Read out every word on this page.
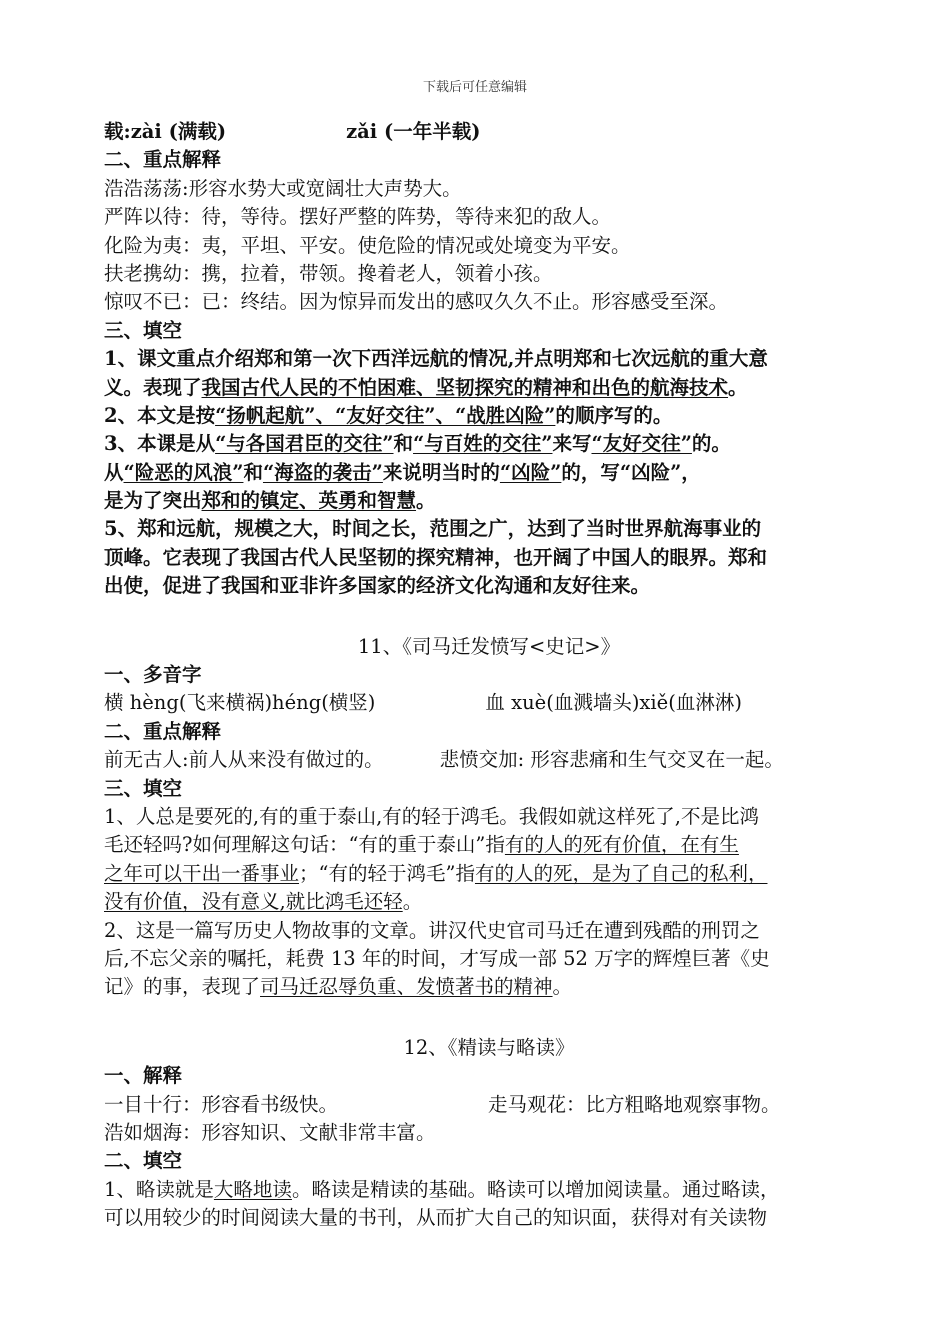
下载后可任意编辑
载:zài (满载)	zǎi (一年半载)
二、重点解释
浩浩荡荡:形容水势大或宽阔壮大声势大。
严阵以待：待，等待。摆好严整的阵势，等待来犯的敌人。
化险为夷：夷，平坦、平安。使危险的情况或处境变为平安。
扶老携幼：携，拉着，带领。搀着老人，领着小孩。
惊叹不已：已：终结。因为惊异而发出的感叹久久不止。形容感受至深。
三、填空
1、课文重点介绍郑和第一次下西洋远航的情况,并点明郑和七次远航的重大意
义。表现了我国古代人民的不怕困难、坚韧探究的精神和出色的航海技术。
2、本文是按“扬帆起航”、“友好交往”、“战胜凶险”的顺序写的。
3、本课是从“与各国君臣的交往”和“与百姓的交往”来写“友好交往”的。
从“险恶的风浪”和“海盗的袭击”来说明当时的“凶险”的，写“凶险”，
是为了突出郑和的镇定、英勇和智慧。
5、郑和远航，规模之大，时间之长，范围之广，达到了当时世界航海事业的
顶峰。它表现了我国古代人民坚韧的探究精神，也开阔了中国人的眼界。郑和
出使，促进了我国和亚非许多国家的经济文化沟通和友好往来。
11、《司马迁发愤写<史记>》
一、多音字
横 hèng(飞来横祸)héng(横竖)	血 xuè(血溅墙头)xiě(血淋淋)
二、重点解释
前无古人:前人从来没有做过的。	悲愤交加: 形容悲痛和生气交叉在一起。
三、填空
1、人总是要死的,有的重于泰山,有的轻于鸿毛。我假如就这样死了,不是比鸿
毛还轻吗?如何理解这句话：“有的重于泰山”指有的人的死有价值，在有生
之年可以干出一番事业；“有的轻于鸿毛”指有的人的死，是为了自己的私利，
没有价值，没有意义,就比鸿毛还轻。
2、这是一篇写历史人物故事的文章。讲汉代史官司马迁在遭到残酷的刑罚之
后,不忘父亲的嘱托，耗费 13 年的时间，才写成一部 52 万字的辉煌巨著《史
记》的事，表现了司马迁忍辱负重、发愤著书的精神。
12、《精读与略读》
一、解释
一目十行：形容看书级快。	走马观花：比方粗略地观察事物。
浩如烟海：形容知识、文献非常丰富。
二、填空
1、略读就是大略地读。略读是精读的基础。略读可以增加阅读量。通过略读，
可以用较少的时间阅读大量的书刊，从而扩大自己的知识面，获得对有关读物
